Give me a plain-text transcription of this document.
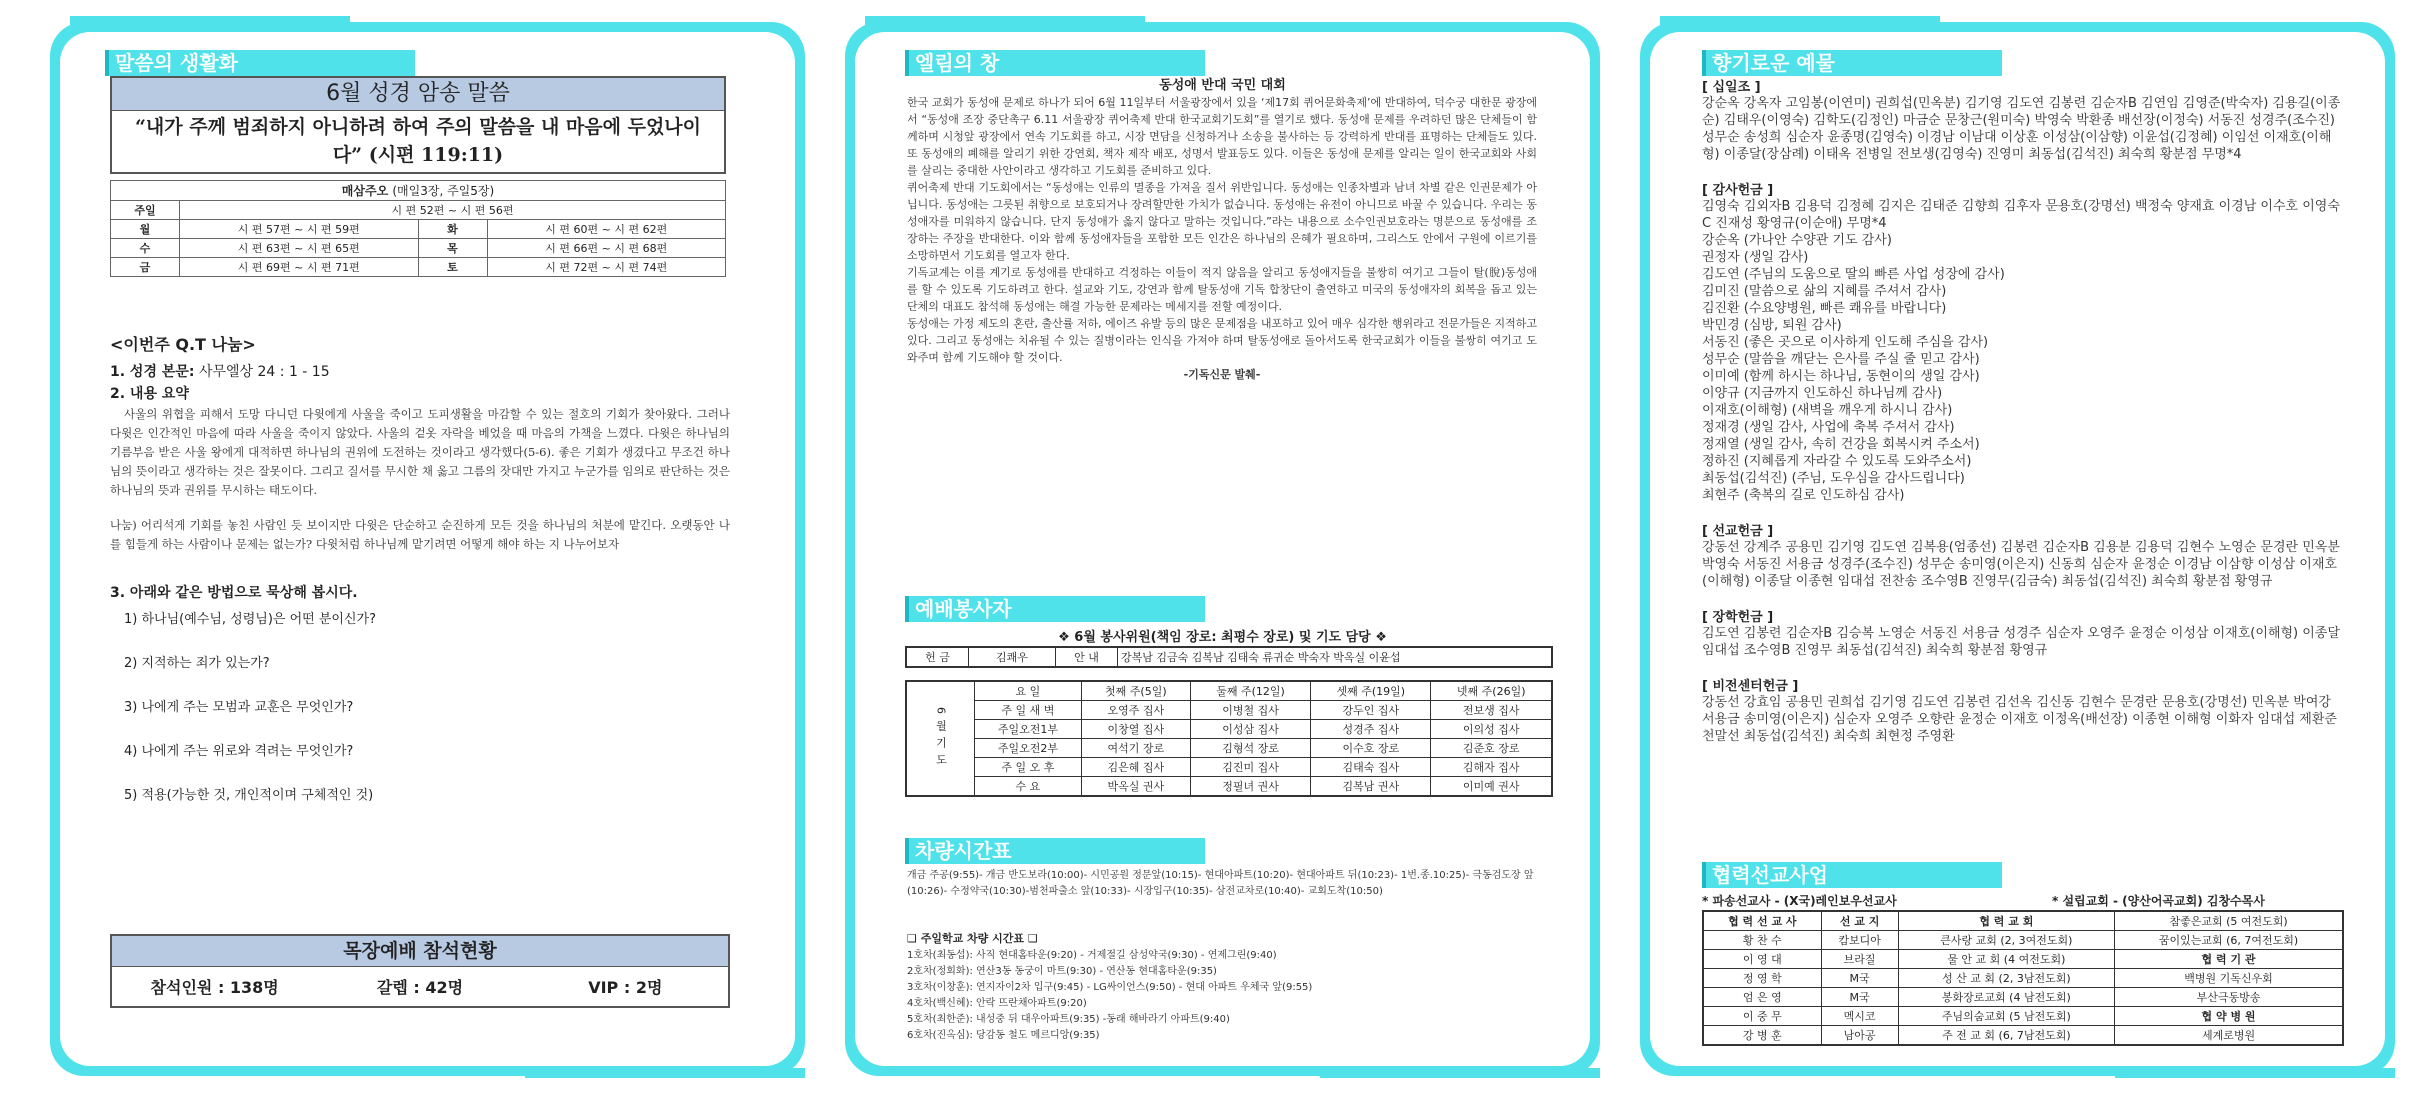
말씀의 생활화
6월 성경 암송 말씀
“내가 주께 범죄하지 아니하려 하여 주의 말씀을 내 마음에 두었나이다” (시편 119:11)
매삼주오 (매일3장, 주일5장)			
주일	시 편 52편 ~ 시 편 56편		
월	시 편 57편 ~ 시 편 59편	화	시 편 60편 ~ 시 편 62편
수	시 편 63편 ~ 시 편 65편	목	시 편 66편 ~ 시 편 68편
금	시 편 69편 ~ 시 편 71편	토	시 편 72편 ~ 시 편 74편
<이번주 Q.T 나눔>
1. 성경 본문: 사무엘상 24 : 1 - 15
2. 내용 요약
사울의 위협을 피해서 도망 다니던 다윗에게 사울을 죽이고 도피생활을 마감할 수 있는 절호의 기회가 찾아왔다. 그러나 다윗은 인간적인 마음에 따라 사울을 죽이지 않았다. 사울의 겉옷 자락을 베었을 때 마음의 가책을 느꼈다. 다윗은 하나님의 기름부음 받은 사울 왕에게 대적하면 하나님의 권위에 도전하는 것이라고 생각했다(5-6). 좋은 기회가 생겼다고 무조건 하나님의 뜻이라고 생각하는 것은 잘못이다. 그리고 질서를 무시한 채 옳고 그름의 잣대만 가지고 누군가를 임의로 판단하는 것은 하나님의 뜻과 권위를 무시하는 태도이다.
나눔) 어리석게 기회를 놓친 사람인 듯 보이지만 다윗은 단순하고 순진하게 모든 것을 하나님의 처분에 맡긴다. 오랫동안 나를 힘들게 하는 사람이나 문제는 없는가? 다윗처럼 하나님께 맡기려면 어떻게 해야 하는 지 나누어보자
3. 아래와 같은 방법으로 묵상해 봅시다.
1) 하나님(예수님, 성령님)은 어떤 분이신가?
2) 지적하는 죄가 있는가?
3) 나에게 주는 모범과 교훈은 무엇인가?
4) 나에게 주는 위로와 격려는 무엇인가?
5) 적용(가능한 것, 개인적이며 구체적인 것)
목장예배 참석현황
참석인원 : 138명	갈렙 : 42명	VIP : 2명
엘림의 창
동성애 반대 국민 대회
한국 교회가 동성애 문제로 하나가 되어 6월 11일부터 서울광장에서 있을 ‘제17회 퀴어문화축제’에 반대하여, 덕수궁 대한문 광장에서 “동성애 조장 중단촉구 6.11 서울광장 퀴어축제 반대 한국교회기도회”를 열기로 했다. 동성애 문제를 우려하던 많은 단체들이 함께하며 시청앞 광장에서 연속 기도회를 하고, 시장 면담을 신청하거나 소송을 불사하는 등 강력하게 반대를 표명하는 단체들도 있다. 또 동성애의 폐해를 알리기 위한 강연회, 책자 제작 배포, 성명서 발표등도 있다. 이들은 동성애 문제를 알리는 일이 한국교회와 사회를 살리는 중대한 사안이라고 생각하고 기도회를 준비하고 있다.
퀴어축제 반대 기도회에서는 “동성애는 인류의 멸종을 가져올 질서 위반입니다. 동성애는 인종차별과 남녀 차별 같은 인권문제가 아닙니다. 동성애는 그릇된 취향으로 보호되거나 장려할만한 가치가 없습니다. 동성애는 유전이 아니므로 바꿀 수 있습니다. 우리는 동성애자를 미워하지 않습니다. 단지 동성애가 옳지 않다고 말하는 것입니다.”라는 내용으로 소수인권보호라는 명분으로 동성애를 조장하는 주장을 반대한다. 이와 함께 동성애자들을 포함한 모든 인간은 하나님의 은혜가 필요하며, 그리스도 안에서 구원에 이르기를 소망하면서 기도회를 열고자 한다.
기독교계는 이를 계기로 동성애를 반대하고 걱정하는 이들이 적지 않음을 알리고 동성애지들을 불쌍히 여기고 그들이 탈(脫)동성애를 할 수 있도록 기도하려고 한다. 설교와 기도, 강연과 함께 탈동성애 기독 합창단이 출연하고 미국의 동성애자의 회복을 돕고 있는 단체의 대표도 참석해 동성애는 해결 가능한 문제라는 메세지를 전할 예정이다.
동성애는 가정 제도의 혼란, 출산률 저하, 에이즈 유발 등의 많은 문제점을 내포하고 있어 매우 심각한 행위라고 전문가들은 지적하고 있다. 그리고 동성애는 치유될 수 있는 질병이라는 인식을 가져야 하며 탈동성애로 돌아서도록 한국교회가 이들을 불쌍히 여기고 도와주며 함께 기도해야 할 것이다.
-기독신문 발췌-
예배봉사자
❖ 6월 봉사위원(책임 장로: 최평수 장로) 및 기도 담당 ❖
헌 금	김쾌우	안 내	강복남 김금숙 김복남 김태숙 류귀순 박숙자 박옥실 이윤섭
6월기도	요 일	첫째 주(5일)	둘째 주(12일)	셋째 주(19일)	넷째 주(26일)
	주 일 새 벽	오영주 집사	이병철 집사	강두인 집사	전보생 집사
	주일오전1부	이창열 집사	이성삼 집사	성경주 집사	이의성 집사
	주일오전2부	여석기 장로	김형석 장로	이수호 장로	김준호 장로
	주 일 오 후	김은혜 집사	김진미 집사	김태숙 집사	김해자 집사
	수 요	박옥실 권사	정필녀 권사	김복남 권사	이미예 권사
차량시간표
개금 주공(9:55)- 개금 반도보라(10:00)- 시민공원 정문앞(10:15)- 현대아파트(10:20)- 현대아파트 뒤(10:23)- 1번.종.10:25)- 극동검도장 앞(10:26)- 수정약국(10:30)-범천파출소 앞(10:33)- 시장입구(10:35)- 삼전교차로(10:40)- 교회도착(10:50)
❑ 주일학교 차량 시간표 ❑
1호차(최동섭): 사직 현대홈타운(9:20) - 거제절길 삼성약국(9:30) - 연제그린(9:40)
2호차(정회화): 연산3동 동궁이 마트(9:30) - 연산동 현대홈타운(9:35)
3호차(이창훈): 연지자이2차 입구(9:45) - LG싸이언스(9:50) - 현대 아파트 우체국 앞(9:55)
4호차(백신혜): 안락 뜨란채아파트(9:20)
5호차(최한준): 내성중 뒤 대우아파트(9:35) -동래 해바라기 아파트(9:40)
6호차(진옥심): 당감동 철도 메르디앙(9:35)
향기로운 예물
[ 십일조 ]
강순옥 강옥자 고임봉(이연미) 권희섭(민옥분) 김기영 김도연 김봉련 김순자B 김연임 김영준(박숙자) 김용길(이종순) 김태우(이영숙) 김학도(김정인) 마금순 문창근(원미숙) 박영숙 박환종 배선장(이정숙) 서동진 성경주(조수진) 성무순 송성희 심순자 윤종명(김영숙) 이경남 이남대 이상훈 이성삼(이삼향) 이윤섭(김정혜) 이임선 이재호(이해형) 이종달(장삼례) 이태옥 전병일 전보생(김영숙) 진영미 최동섭(김석진) 최숙희 황분점 무명*4
[ 감사헌금 ]
김영숙 김외자B 김용덕 김정혜 김지은 김태준 김향희 김후자 문용호(강명선) 백정숙 양재효 이경남 이수호 이영숙C 진재성 황영규(이순애) 무명*4
강순옥 (가나안 수양관 기도 감사)
권정자 (생일 감사)
김도연 (주님의 도움으로 딸의 빠른 사업 성장에 감사)
김미진 (말씀으로 삶의 지혜를 주셔서 감사)
김진환 (수요양병원, 빠른 쾌유를 바랍니다)
박민경 (심방, 퇴원 감사)
서동진 (좋은 곳으로 이사하게 인도해 주심을 감사)
성무순 (말씀을 깨닫는 은사를 주실 줄 믿고 감사)
이미예 (함께 하시는 하나님, 동현이의 생일 감사)
이양규 (지금까지 인도하신 하나님께 감사)
이재호(이해형) (새벽을 깨우게 하시니 감사)
정재경 (생일 감사, 사업에 축복 주셔서 감사)
정재열 (생일 감사, 속히 건강을 회복시켜 주소서)
정하진 (지혜롭게 자라갈 수 있도록 도와주소서)
최동섭(김석진) (주님, 도우심을 감사드립니다)
최현주 (축복의 길로 인도하심 감사)
[ 선교헌금 ]
강동선 강계주 공용민 김기영 김도연 김복용(엄종선) 김봉련 김순자B 김용분 김용덕 김현수 노영순 문경란 민옥분 박영숙 서동진 서용금 성경주(조수진) 성무순 송미영(이은지) 신동희 심순자 윤정순 이경남 이삼향 이성삼 이재호(이해형) 이종달 이종현 임대섭 전찬송 조수영B 진영무(김금숙) 최동섭(김석진) 최숙희 황분점 황영규
[ 장학헌금 ]
김도연 김봉련 김순자B 김승복 노영순 서동진 서용금 성경주 심순자 오영주 윤정순 이성삼 이재호(이해형) 이종달 임대섭 조수영B 진영무 최동섭(김석진) 최숙희 황분점 황영규
[ 비전센터헌금 ]
강동선 강효임 공용민 권희섭 김기영 김도연 김봉련 김선옥 김신동 김현수 문경란 문용호(강명선) 민옥분 박여강 서용금 송미영(이은지) 심순자 오영주 오향란 윤정순 이재호 이정옥(배선장) 이종현 이해형 이화자 임대섭 제환준 천말선 최동섭(김석진) 최숙희 최현정 주영환
협력선교사업
* 파송선교사 - (X국)레인보우선교사	* 설립교회 - (양산어곡교회) 김창수목사
협 력 선 교 사	선 교 지	협 력 교 회	참좋은교회 (5 여전도회)
황 찬 수	캄보디아	큰사랑 교회 (2, 3여전도회)	꿈이있는교회 (6, 7여전도회)
이 영 대	브라질	물 안 교 회 (4 여전도회)	협 력 기 관
정 영 학	M국	성 산 교 회 (2, 3남전도회)	백병원 기독신우회
엄 은 영	M국	봉화장로교회 (4 남전도회)	부산극동방송
이 중 무	멕시코	주님의숨교회 (5 남전도회)	협 약 병 원
강 병 훈	남아공	주 전 교 회 (6, 7남전도회)	세계로병원
